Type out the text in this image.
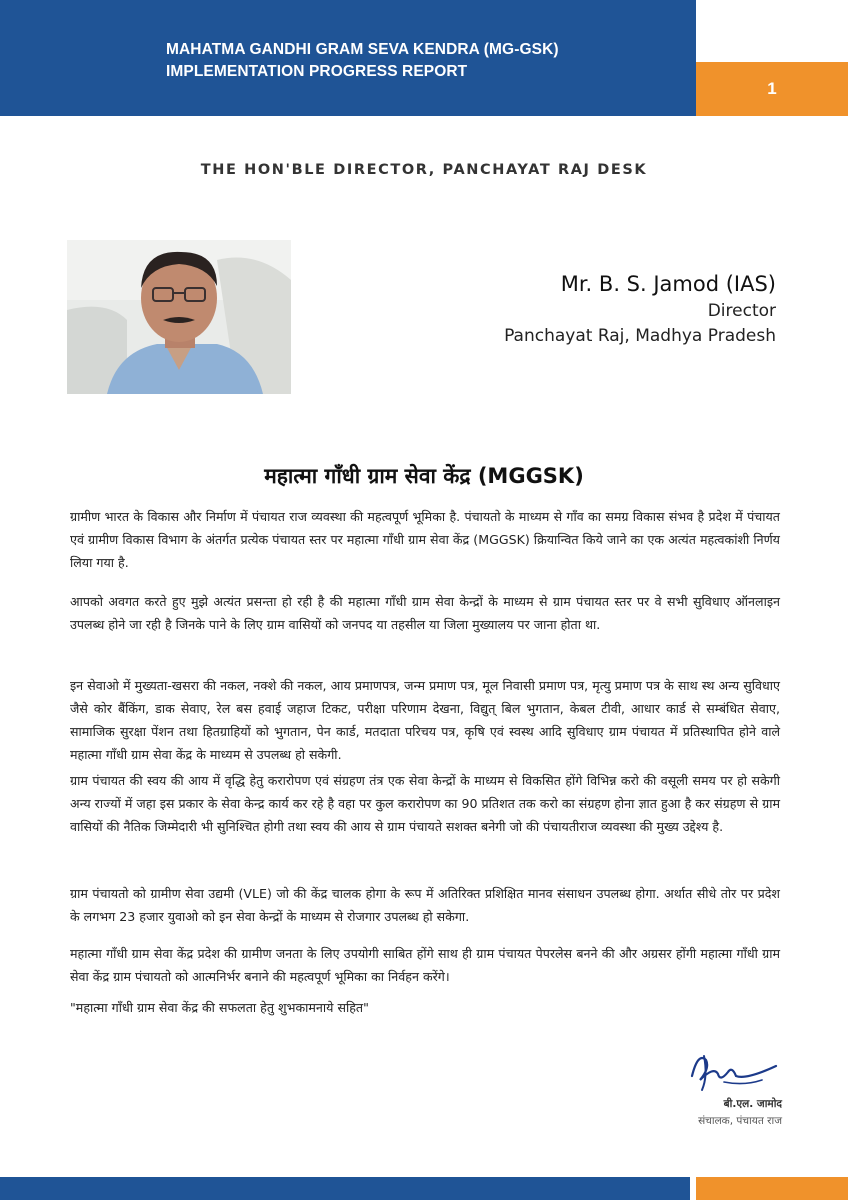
MAHATMA GANDHI GRAM SEVA KENDRA (MG-GSK)
IMPLEMENTATION PROGRESS REPORT
1
THE HON'BLE DIRECTOR, PANCHAYAT RAJ DESK
Mr. B. S. Jamod (IAS)
Director
Panchayat Raj, Madhya Pradesh
महात्मा गाँधी ग्राम सेवा केंद्र (MGGSK)

ग्रामीण भारत के विकास और निर्माण में पंचायत राज व्यवस्था की महत्वपूर्ण भूमिका है. पंचायतो के माध्यम से गाँव का समग्र विकास संभव है प्रदेश में पंचायत एवं ग्रामीण विकास विभाग के अंतर्गत प्रत्येक पंचायत स्तर पर महात्मा गाँधी ग्राम सेवा केंद्र (MGGSK) क्रियान्वित किये जाने का एक अत्यंत महत्वकांशी निर्णय लिया गया है.

आपको अवगत करते हुए मुझे अत्यंत प्रसन्ता हो रही है की महात्मा गाँधी ग्राम सेवा केन्द्रों के माध्यम से ग्राम पंचायत स्तर पर वे सभी सुविधाए ऑनलाइन उपलब्ध होने जा रही है जिनके पाने के लिए ग्राम वासियों को जनपद या तहसील या जिला मुख्यालय पर जाना होता था.

इन सेवाओ में मुख्यता-खसरा की नकल, नक्शे की नकल, आय प्रमाणपत्र, जन्म प्रमाण पत्र, मूल निवासी प्रमाण पत्र, मृत्यु प्रमाण पत्र के साथ स्थ अन्य सुविधाए जैसे कोर बैंकिंग, डाक सेवाए, रेल बस हवाई जहाज टिकट, परीक्षा परिणाम देखना, विद्युत् बिल भुगतान, केबल टीवी, आधार कार्ड से सम्बंधित सेवाए, सामाजिक सुरक्षा पेंशन तथा हितग्राहियों को भुगतान, पेन कार्ड, मतदाता परिचय पत्र, कृषि एवं स्वस्थ आदि सुविधाए ग्राम पंचायत में प्रतिस्थापित होने वाले महात्मा गाँधी ग्राम सेवा केंद्र के माध्यम से उपलब्ध हो सकेगी.

ग्राम पंचायत की स्वय की आय में वृद्धि हेतु करारोपण एवं संग्रहण तंत्र एक सेवा केन्द्रों के माध्यम से विकसित होंगे विभिन्न करो की वसूली समय पर हो सकेगी अन्य राज्यों में जहा इस प्रकार के सेवा केन्द्र कार्य कर रहे है वहा पर कुल करारोपण का 90 प्रतिशत तक करो का संग्रहण होना ज्ञात हुआ है कर संग्रहण से ग्राम वासियों की नैतिक जिम्मेदारी भी सुनिश्चित होगी तथा स्वय की आय से ग्राम पंचायते सशक्त बनेगी जो की पंचायतीराज व्यवस्था की मुख्य उद्देश्य है.

ग्राम पंचायतो को ग्रामीण सेवा उद्यमी (VLE) जो की केंद्र चालक होगा के रूप में अतिरिक्त प्रशिक्षित मानव संसाधन उपलब्ध होगा. अर्थात सीधे तोर पर प्रदेश के लगभग 23 हजार युवाओ को इन सेवा केन्द्रों के माध्यम से रोजगार उपलब्ध हो सकेगा.

महात्मा गाँधी ग्राम सेवा केंद्र प्रदेश की ग्रामीण जनता के लिए उपयोगी साबित होंगे साथ ही ग्राम पंचायत पेपरलेस बनने की और अग्रसर होंगी महात्मा गाँधी ग्राम सेवा केंद्र ग्राम पंचायतो को आत्मनिर्भर बनाने की महत्वपूर्ण भूमिका का निर्वहन करेंगे।

"महात्मा गाँधी ग्राम सेवा केंद्र की सफलता हेतु शुभकामनाये सहित"

बी.एल. जामोद
संचालक, पंचायत राज
